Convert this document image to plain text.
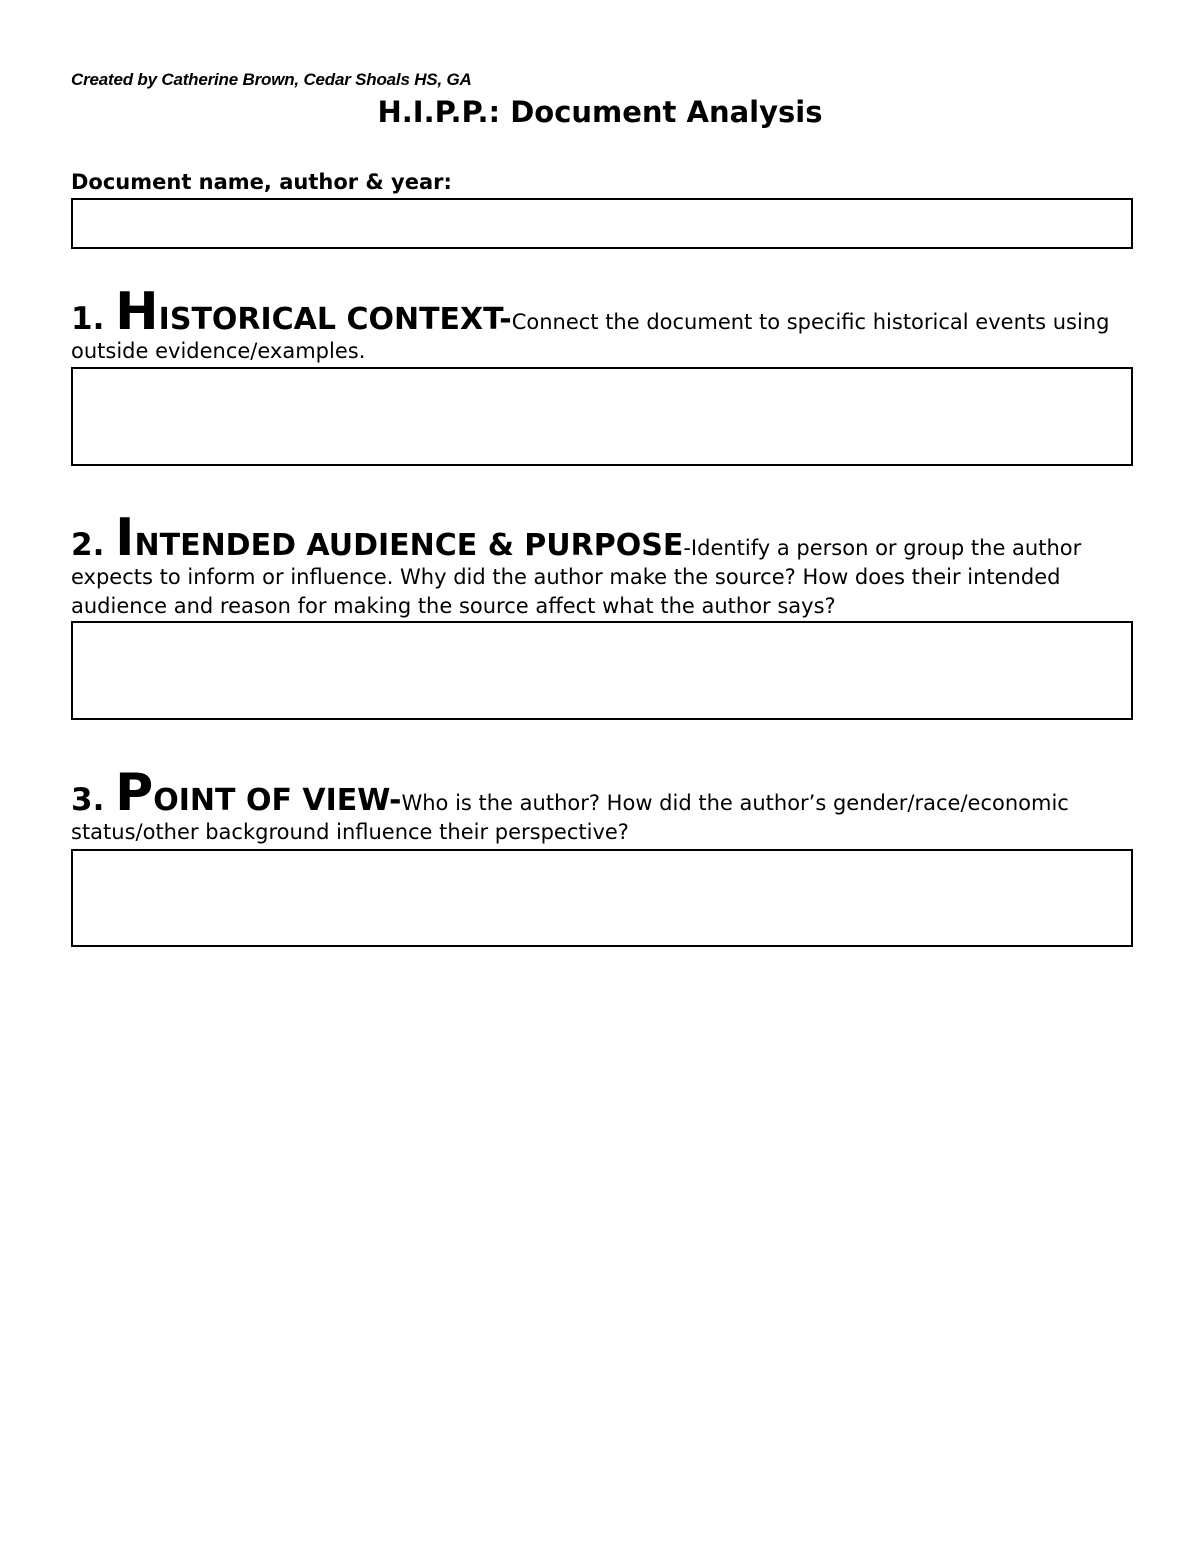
Created by Catherine Brown, Cedar Shoals HS, GA
H.I.P.P.: Document Analysis
Document name, author & year:
1. HISTORICAL CONTEXT-Connect the document to specific historical events using outside evidence/examples.
2. INTENDED AUDIENCE & PURPOSE-Identify a person or group the author expects to inform or influence. Why did the author make the source? How does their intended audience and reason for making the source affect what the author says?
3. POINT OF VIEW-Who is the author? How did the author’s gender/race/economic status/other background influence their perspective?
